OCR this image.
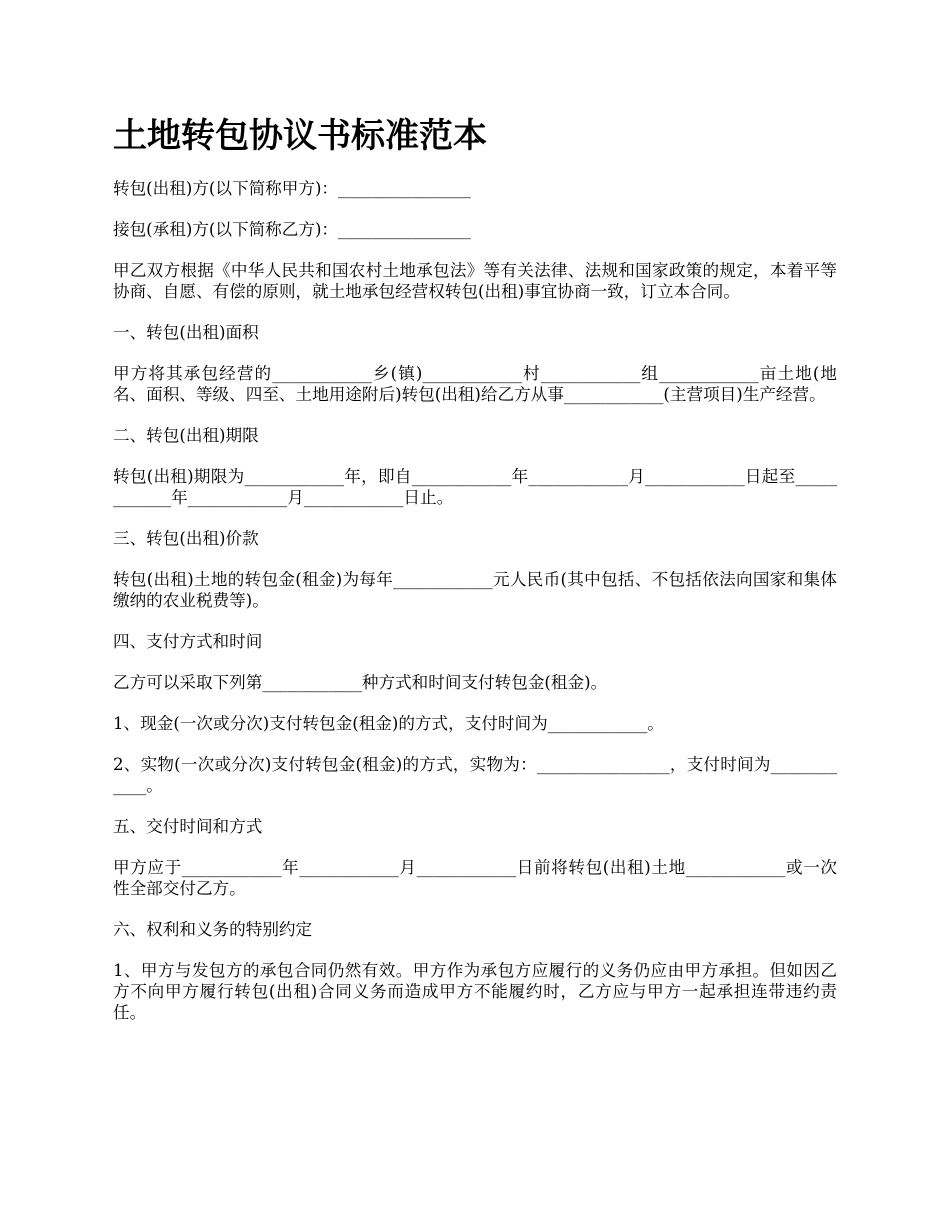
土地转包协议书标准范本

转包(出租)方(以下简称甲方)：________________

接包(承租)方(以下简称乙方)：________________

甲乙双方根据《中华人民共和国农村土地承包法》等有关法律、法规和国家政策的规定，本着平等协商、自愿、有偿的原则，就土地承包经营权转包(出租)事宜协商一致，订立本合同。

一、转包(出租)面积

甲方将其承包经营的____________乡(镇)____________村____________组____________亩土地(地名、面积、等级、四至、土地用途附后)转包(出租)给乙方从事____________(主营项目)生产经营。

二、转包(出租)期限

转包(出租)期限为____________年，即自____________年____________月____________日起至____________年____________月____________日止。

三、转包(出租)价款

转包(出租)土地的转包金(租金)为每年____________元人民币(其中包括、不包括依法向国家和集体缴纳的农业税费等)。

四、支付方式和时间

乙方可以采取下列第____________种方式和时间支付转包金(租金)。

1、现金(一次或分次)支付转包金(租金)的方式，支付时间为____________。

2、实物(一次或分次)支付转包金(租金)的方式，实物为：________________，支付时间为____________。

五、交付时间和方式

甲方应于____________年____________月____________日前将转包(出租)土地____________或一次性全部交付乙方。

六、权利和义务的特别约定

1、甲方与发包方的承包合同仍然有效。甲方作为承包方应履行的义务仍应由甲方承担。但如因乙方不向甲方履行转包(出租)合同义务而造成甲方不能履约时，乙方应与甲方一起承担连带违约责任。
